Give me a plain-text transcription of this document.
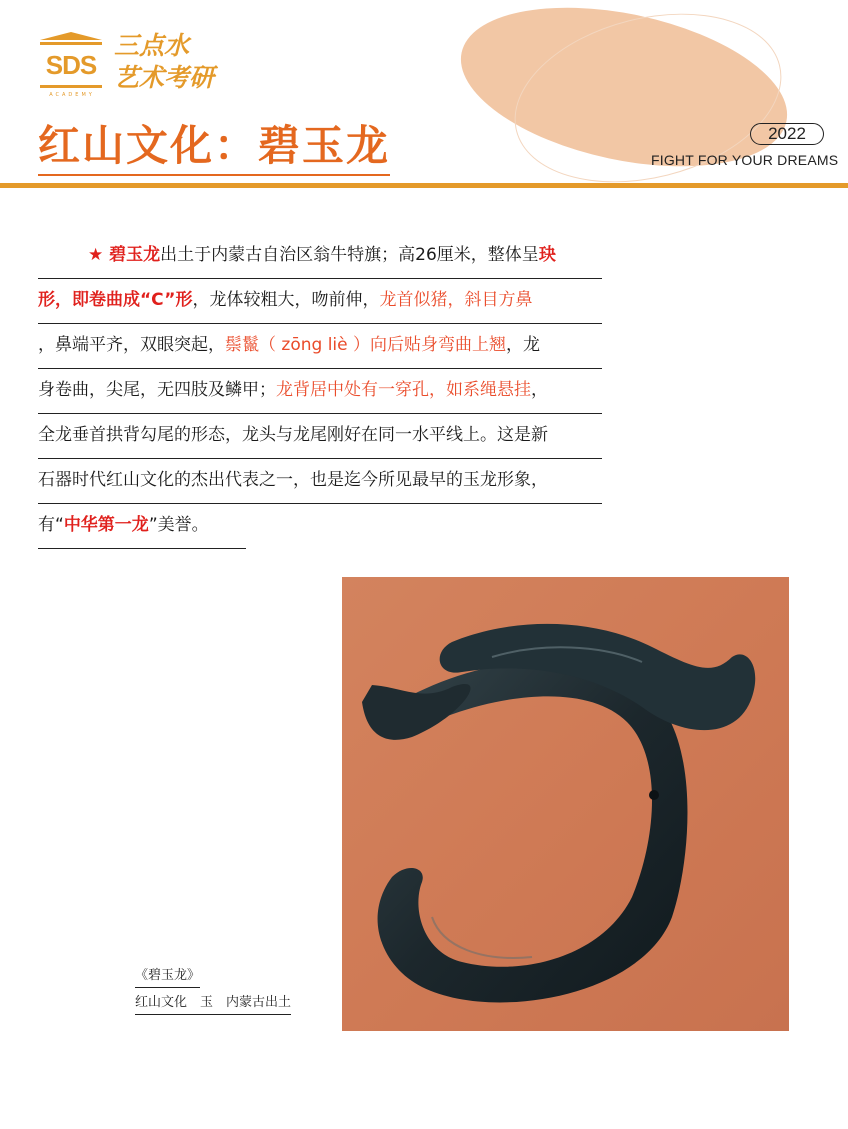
SDS
ACADEMY
三点水
艺术考研
红山文化：碧玉龙	2022
FIGHT FOR YOUR DREAMS
★ 碧玉龙出土于内蒙古自治区翁牛特旗；高26厘米，整体呈玦
形，即卷曲成“C”形，龙体较粗大，吻前伸，龙首似猪，斜目方鼻
，鼻端平齐，双眼突起，鬃鬣（ zōng liè ）向后贴身弯曲上翘，龙
身卷曲，尖尾，无四肢及鳞甲；龙背居中处有一穿孔，如系绳悬挂，
全龙垂首拱背勾尾的形态，龙头与龙尾刚好在同一水平线上。这是新
石器时代红山文化的杰出代表之一，也是迄今所见最早的玉龙形象，
有“中华第一龙”美誉。
《碧玉龙》
红山文化　玉　内蒙古出土
